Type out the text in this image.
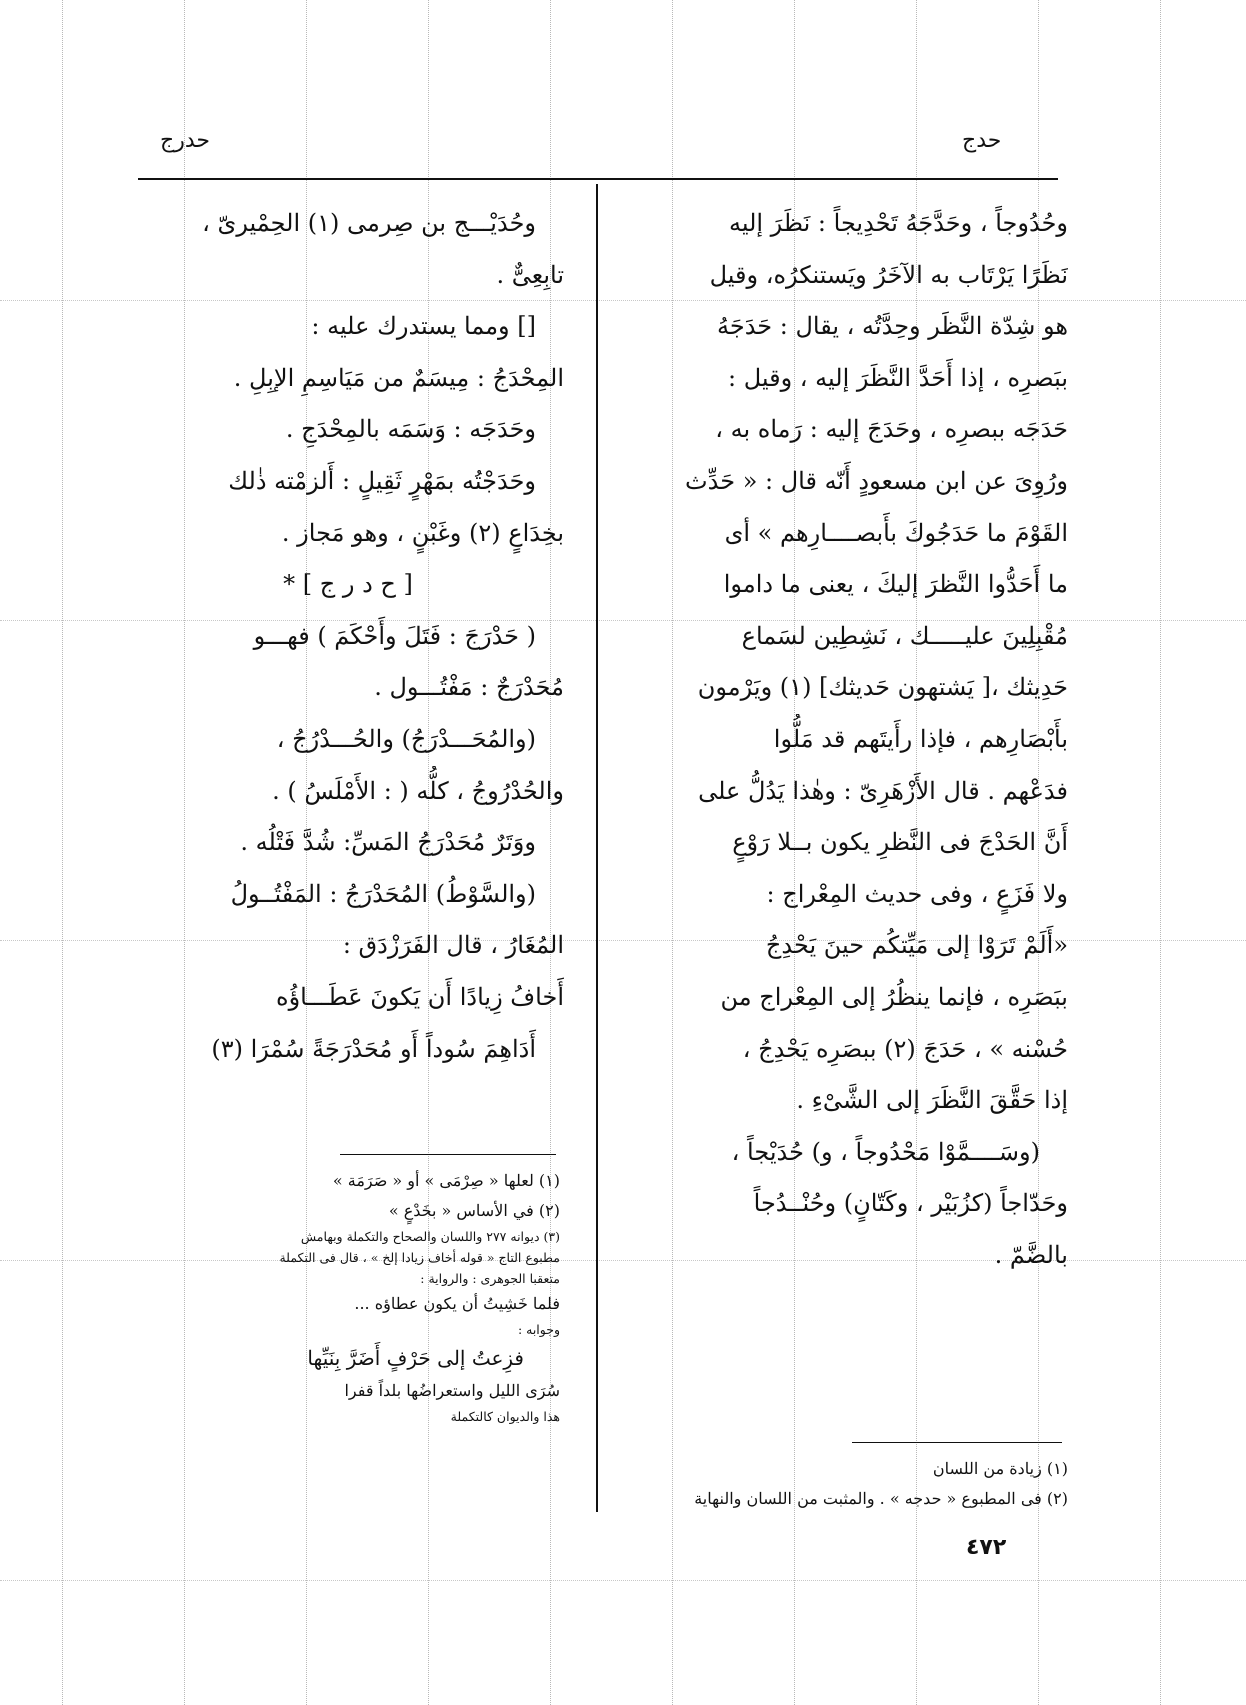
حدج
حدرج
وحُدُوجاً ، وحَدَّجَهُ تَحْدِيجاً : نَظَرَ إليه
نَظَرًا يَرْتَاب به الآخَرُ ويَستنكرُه، وقيل
هو شِدّة النَّظَر وحِدَّتُه ، يقال : حَدَجَهُ
ببَصرِه ، إذا أَحَدَّ النَّظَرَ إليه ، وقيل :
حَدَجَه ببصرِه ، وحَدَجَ إليه : رَماه به ،
ورُوِىَ عن ابن مسعودٍ أَنّه قال : « حَدِّث
القَوْمَ ما حَدَجُوكَ بأَبصــــارِهم » أى
ما أَحَدُّوا النَّظرَ إليكَ ، يعنى ما داموا
مُقْبِلِينَ عليـــــك ، نَشِطِين لسَماع
حَدِيثك ،[ يَشتهون حَديثك] (١) ويَرْمون
بأَبْصَارِهم ، فإذا رأَيتَهم قد مَلُّوا
فدَعْهم . قال الأَزْهَرِىّ : وهٰذا يَدُلُّ على
أَنَّ الحَدْجَ فى النَّظرِ يكون بــلا رَوْعٍ
ولا فَزَعٍ ، وفى حديث المِعْراج :
«أَلَمْ تَرَوْا إلى مَيِّتكُم حينَ يَحْدِجُ
ببَصَرِه ، فإنما ينظُرُ إلى المِعْراج من
حُسْنه » ، حَدَجَ (٢) ببصَرِه يَحْدِجُ ،
إذا حَقَّقَ النَّظَرَ إلى الشَّىْءِ .
(وسَــــمَّوْا مَحْدُوجاً ، و) حُدَيْجاً ،
وحَدّاجاً (كزُبَيْر ، وكَتّانٍ) وحُنْــدُجاً
بالضَّمّ .
وحُدَيْـــج بن صِرمى (١) الحِمْيرىّ ،
تابِعِىٌّ .
[] ومما يستدرك عليه :
المِحْدَجُ : مِيسَمٌ من مَيَاسِمِ الإبِلِ .
وحَدَجَه : وَسَمَه بالمِحْدَجِ .
وحَدَجْتُه بمَهْرٍ ثَقِيلٍ : أَلزمْته ذٰلك
بخِدَاعٍ (٢) وغَبْنٍ ، وهو مَجاز .
[ ح د ر ج ] *
( حَدْرَجَ : فَتَلَ وأَحْكَمَ ) فهـــو
مُحَدْرَجٌ : مَفْتُـــول .
(والمُحَـــدْرَجُ) والحُـــدْرُجُ ،
والحُدْرُوجُ ، كلُّه ( : الأَمْلَسُ ) .
ووَتَرٌ مُحَدْرَجُ المَسِّ: شُدَّ فَتْلُه .
(والسَّوْطُ) المُحَدْرَجُ : المَفْتُــولُ
المُغَارُ ، قال الفَرَزْدَق :
أَخافُ زِيادًا أَن يَكونَ عَطَـــاؤُه
أَدَاهِمَ سُوداً أَو مُحَدْرَجَةً سُمْرَا (٣)
(١) لعلها « صِرْمَى » أو « صَرَمَة »
(٢) في الأساس « بخَدْعٍ »
(٣) ديوانه ٢٧٧ واللسان والصحاح والتكملة وبهامش
مطبوع التاج « قوله أخاف زيادا إلخ » ، قال فى التكملة
متعقبا الجوهرى : والرواية :
فلما خَشِيتُ أن يكون عطاؤه ...
وجوابه :
فزِعتُ إلى حَرْفٍ أَضَرَّ بِنَيِّها
سُرَى الليل واستعراضُها بلداً قفرا
هذا والديوان كالتكملة
(١) زيادة من اللسان
(٢) فى المطبوع « حدجه » . والمثبت من اللسان والنهاية
٤٧٢
